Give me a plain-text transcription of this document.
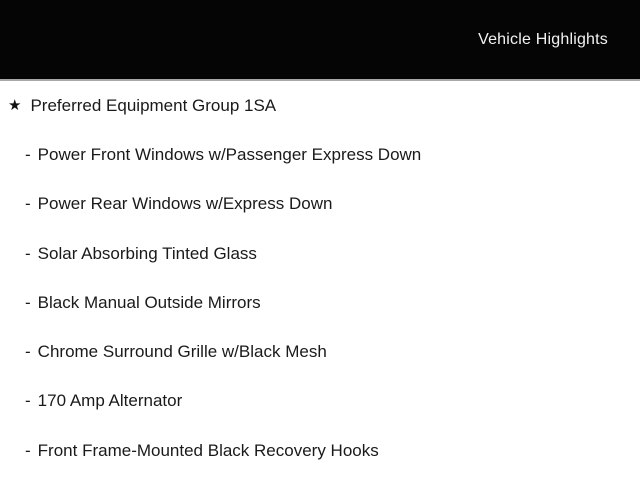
Vehicle Highlights
★ Preferred Equipment Group 1SA
- Power Front Windows w/Passenger Express Down
- Power Rear Windows w/Express Down
- Solar Absorbing Tinted Glass
- Black Manual Outside Mirrors
- Chrome Surround Grille w/Black Mesh
- 170 Amp Alternator
- Front Frame-Mounted Black Recovery Hooks
